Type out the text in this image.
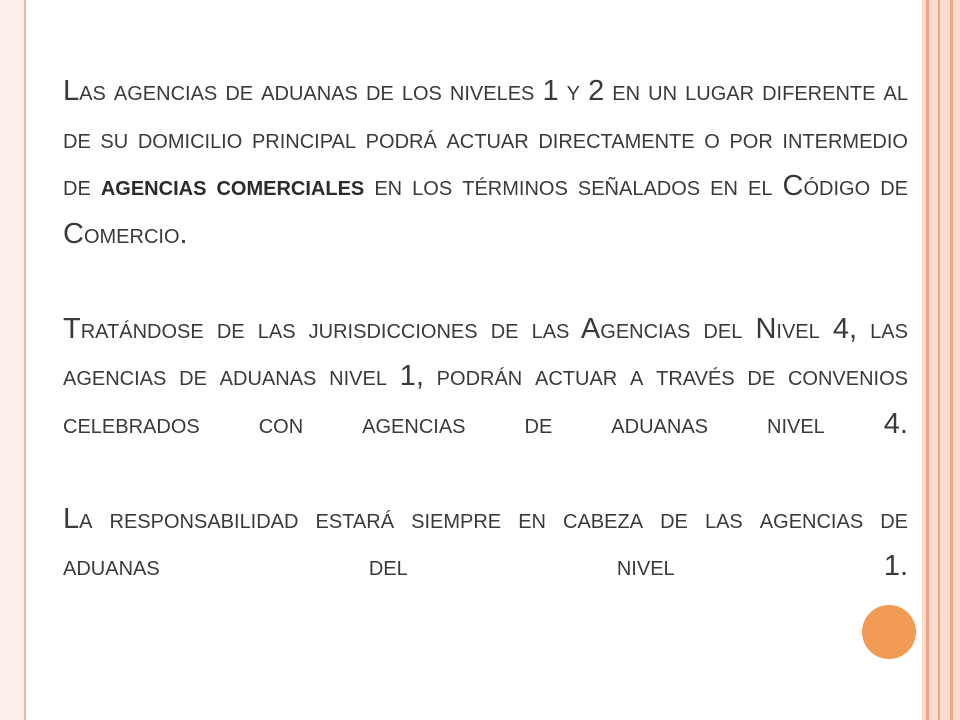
Las agencias de aduanas de los niveles 1 y 2 en un lugar diferente al de su domicilio principal podrá actuar directamente o por intermedio de agencias comerciales en los términos señalados en el Código de Comercio.

Tratándose de las jurisdicciones de las Agencias del Nivel 4, las agencias de aduanas nivel 1, podrán actuar a través de convenios celebrados con agencias de aduanas nivel 4.

La responsabilidad estará siempre en cabeza de las agencias de aduanas del nivel 1.
